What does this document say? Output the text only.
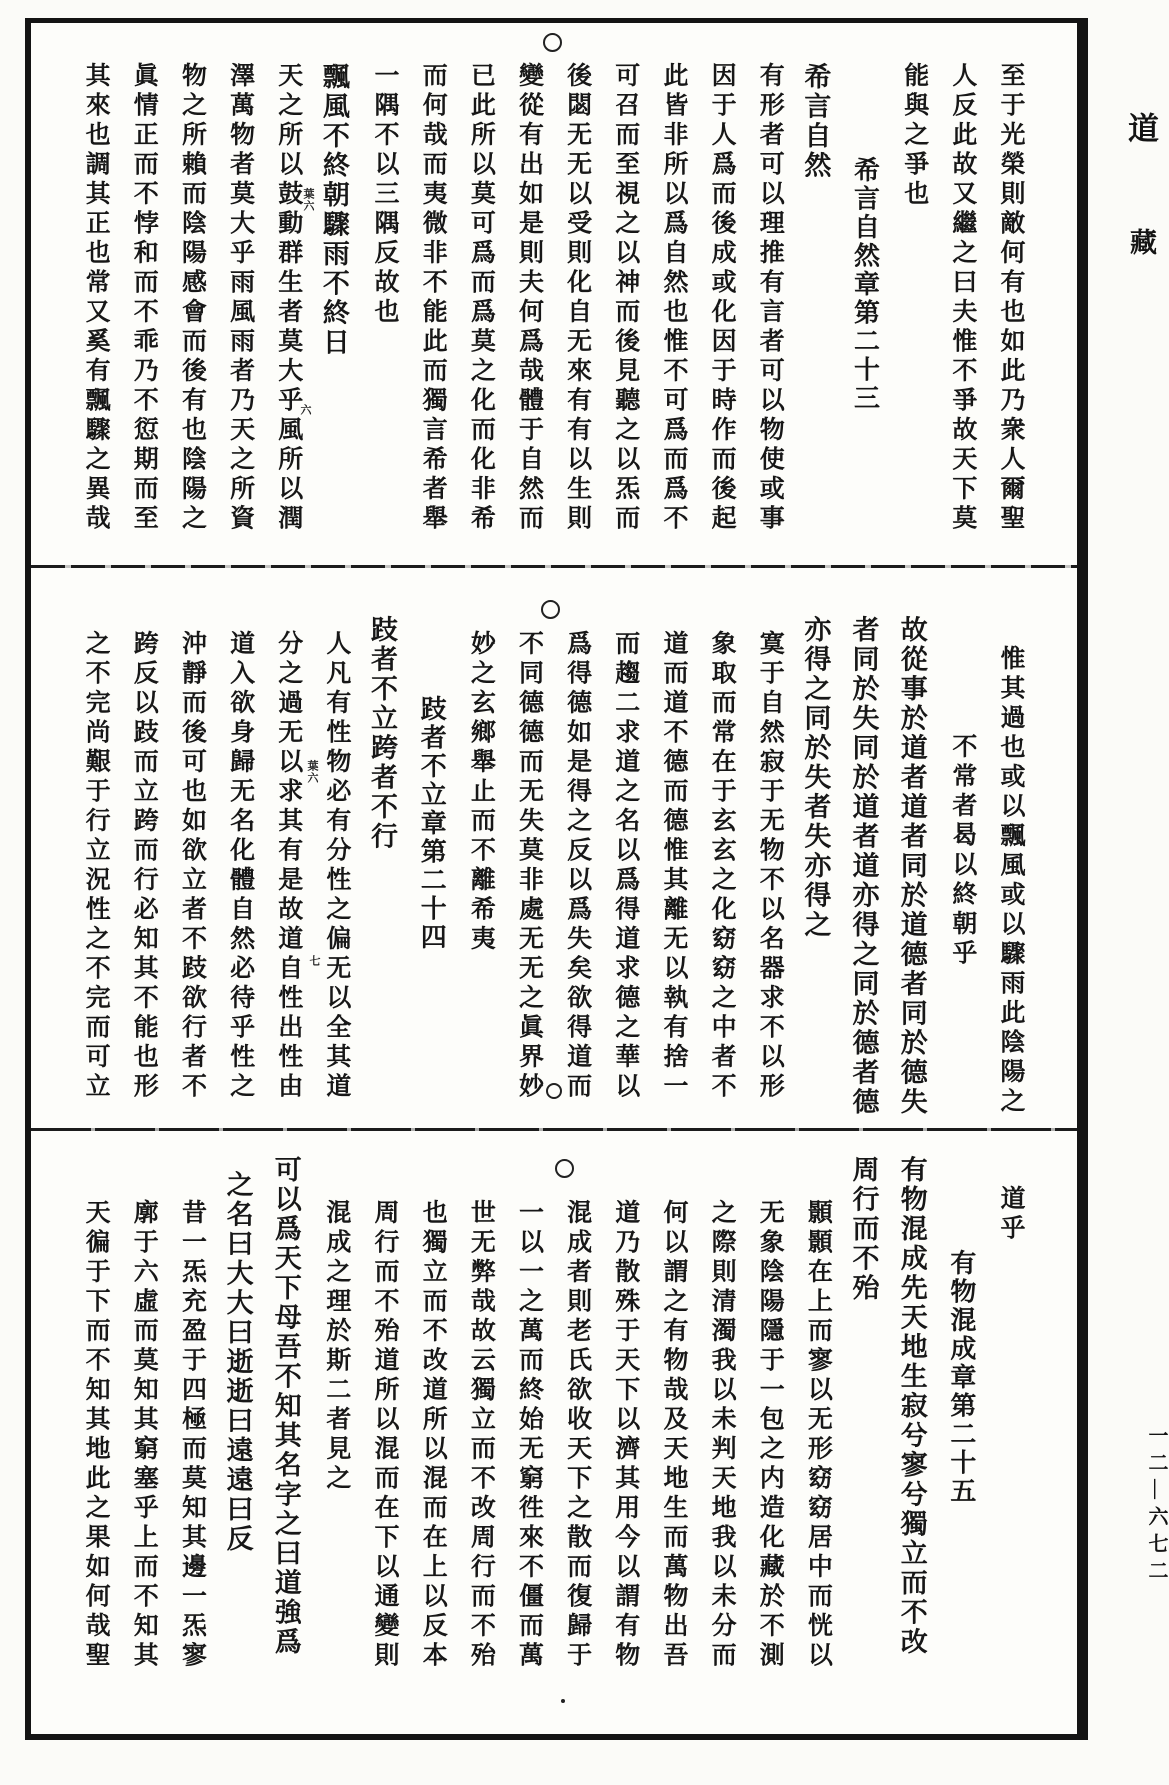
道
藏
一二—六七二
至于光榮則敵何有也如此乃衆人爾聖
人反此故又繼之曰夫惟不爭故天下莫
能與之爭也
希言自然章第二十三
希言自然
有形者可以理推有言者可以物使或事
因于人爲而後成或化因于時作而後起
此皆非所以爲自然也惟不可爲而爲不
可召而至視之以神而後見聽之以炁而
後閟无无以受則化自无來有有以生則
變從有出如是則夫何爲哉體于自然而
已此所以莫可爲而爲莫之化而化非希
而何哉而夷微非不能此而獨言希者舉
一隅不以三隅反故也
飄風不終朝驟雨不終日
天之所以鼓動群生者莫大乎風所以潤
澤萬物者莫大乎雨風雨者乃天之所資
物之所賴而陰陽感會而後有也陰陽之
眞情正而不悖和而不乖乃不愆期而至
其來也調其正也常又奚有飄驟之異哉
惟其過也或以飄風或以驟雨此陰陽之
不常者曷以終朝乎
故從事於道者道者同於道德者同於德失
者同於失同於道者道亦得之同於德者德
亦得之同於失者失亦得之
寞于自然寂于无物不以名器求不以形
象取而常在于玄玄之化窈窈之中者不
道而道不德而德惟其離无以執有捨一
而趨二求道之名以爲得道求德之華以
爲得德如是得之反以爲失矣欲得道而
不同德德而无失莫非處无无之眞界妙
妙之玄鄉舉止而不離希夷
跂者不立章第二十四
跂者不立跨者不行
人凡有性物必有分性之偏无以全其道
分之過无以求其有是故道自性出性由
道入欲身歸无名化體自然必待乎性之
沖靜而後可也如欲立者不跂欲行者不
跨反以跂而立跨而行必知其不能也形
之不完尚艱于行立況性之不完而可立
道乎
有物混成章第二十五
有物混成先天地生寂兮寥兮獨立而不改
周行而不殆
顥顥在上而寥以无形窈窈居中而恍以
无象陰陽隱于一包之内造化藏於不測
之際則清濁我以未判天地我以未分而
何以謂之有物哉及天地生而萬物出吾
道乃散殊于天下以濟其用今以謂有物
混成者則老氏欲收天下之散而復歸于
一以一之萬而終始无窮徃來不僵而萬
世无弊哉故云獨立而不改周行而不殆
也獨立而不改道所以混而在上以反本
周行而不殆道所以混而在下以通變則
混成之理於斯二者見之
可以爲天下母吾不知其名字之曰道強爲
之名曰大大曰逝逝曰遠遠曰反
昔一炁充盈于四極而莫知其邊一炁寥
廓于六虛而莫知其窮塞乎上而不知其
天徧于下而不知其地此之果如何哉聖
葉六
六
葉六
七
